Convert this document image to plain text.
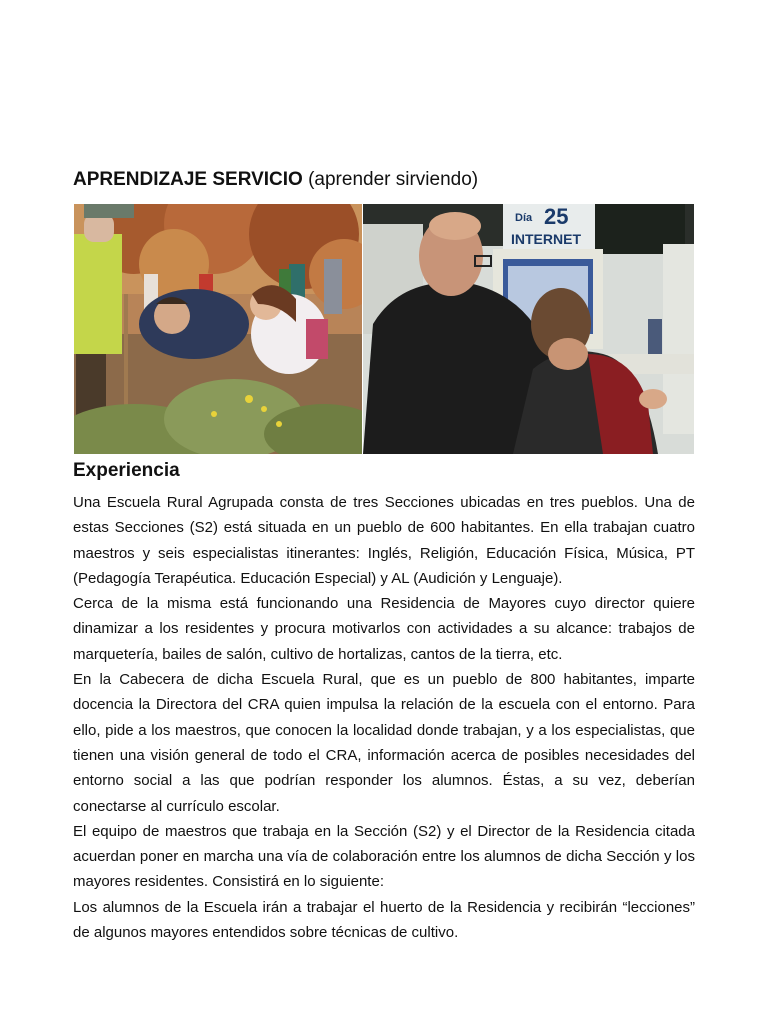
APRENDIZAJE SERVICIO (aprender sirviendo)
Día 25
INTERNET
Experiencia

Una Escuela Rural Agrupada consta de tres Secciones ubicadas en tres pueblos. Una de estas Secciones (S2) está situada en un pueblo de 600 habitantes. En ella trabajan cuatro maestros y seis especialistas itinerantes: Inglés, Religión, Educación Física, Música, PT (Pedagogía Terapéutica. Educación Especial) y AL (Audición y Lenguaje).

Cerca de la misma está funcionando una Residencia de Mayores cuyo director quiere dinamizar a los residentes y procura motivarlos con actividades a su alcance: trabajos de marquetería, bailes de salón, cultivo de hortalizas, cantos de la tierra, etc.

En la Cabecera de dicha Escuela Rural, que es un pueblo de 800 habitantes, imparte docencia la Directora del CRA quien impulsa la relación de la escuela con el entorno. Para ello, pide a los maestros, que conocen la localidad donde trabajan, y a los especialistas, que tienen una visión general de todo el CRA, información acerca de posibles necesidades del entorno social a las que podrían responder los alumnos. Éstas, a su vez, deberían conectarse al currículo escolar.

El equipo de maestros que trabaja en la Sección (S2) y el Director de la Residencia citada acuerdan poner en marcha una vía de colaboración entre los alumnos de dicha Sección y los mayores residentes. Consistirá en lo siguiente:

Los alumnos de la Escuela irán a trabajar el huerto de la Residencia y recibirán “lecciones” de algunos mayores entendidos sobre técnicas de cultivo.
